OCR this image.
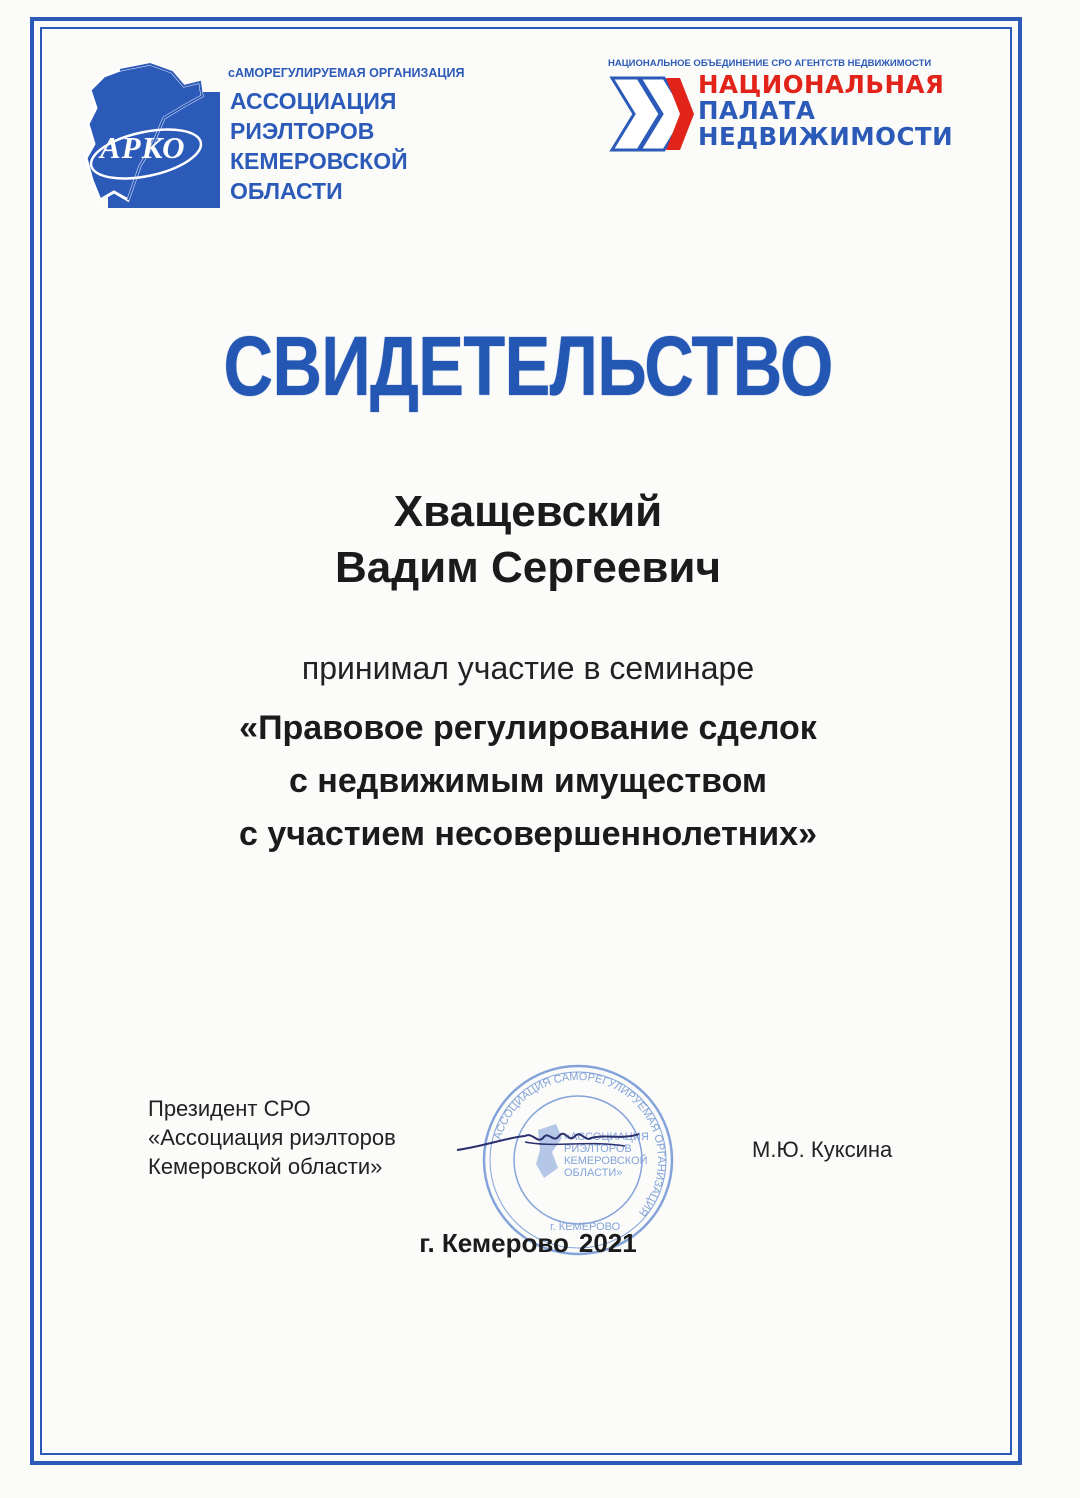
АРКО
сАМОРЕГУЛИРУЕМАЯ ОРГАНИЗАЦИЯ
АССОЦИАЦИЯ
РИЭЛТОРОВ
КЕМЕРОВСКОЙ
ОБЛАСТИ
НАЦИОНАЛЬНОЕ ОБЪЕДИНЕНИЕ СРО АГЕНТСТВ НЕДВИЖИМОСТИ
НАЦИОНАЛЬНАЯ
ПАЛАТА
НЕДВИЖИМОСТИ
СВИДЕТЕЛЬСТВО
Хващевский
Вадим Сергеевич
принимал участие в семинаре
«Правовое регулирование сделок
с недвижимым имуществом
с участием несовершеннолетних»
Президент СРО
«Ассоциация риэлторов
Кемеровской области»
АССОЦИАЦИЯ САМОРЕГУЛИРУЕМАЯ ОРГАНИЗАЦИЯ
«АССОЦИАЦИЯ
РИЭЛТОРОВ
КЕМЕРОВСКОЙ
ОБЛАСТИ»
г. КЕМЕРОВО
М.Ю. Куксина
г. Кемерово 2021
